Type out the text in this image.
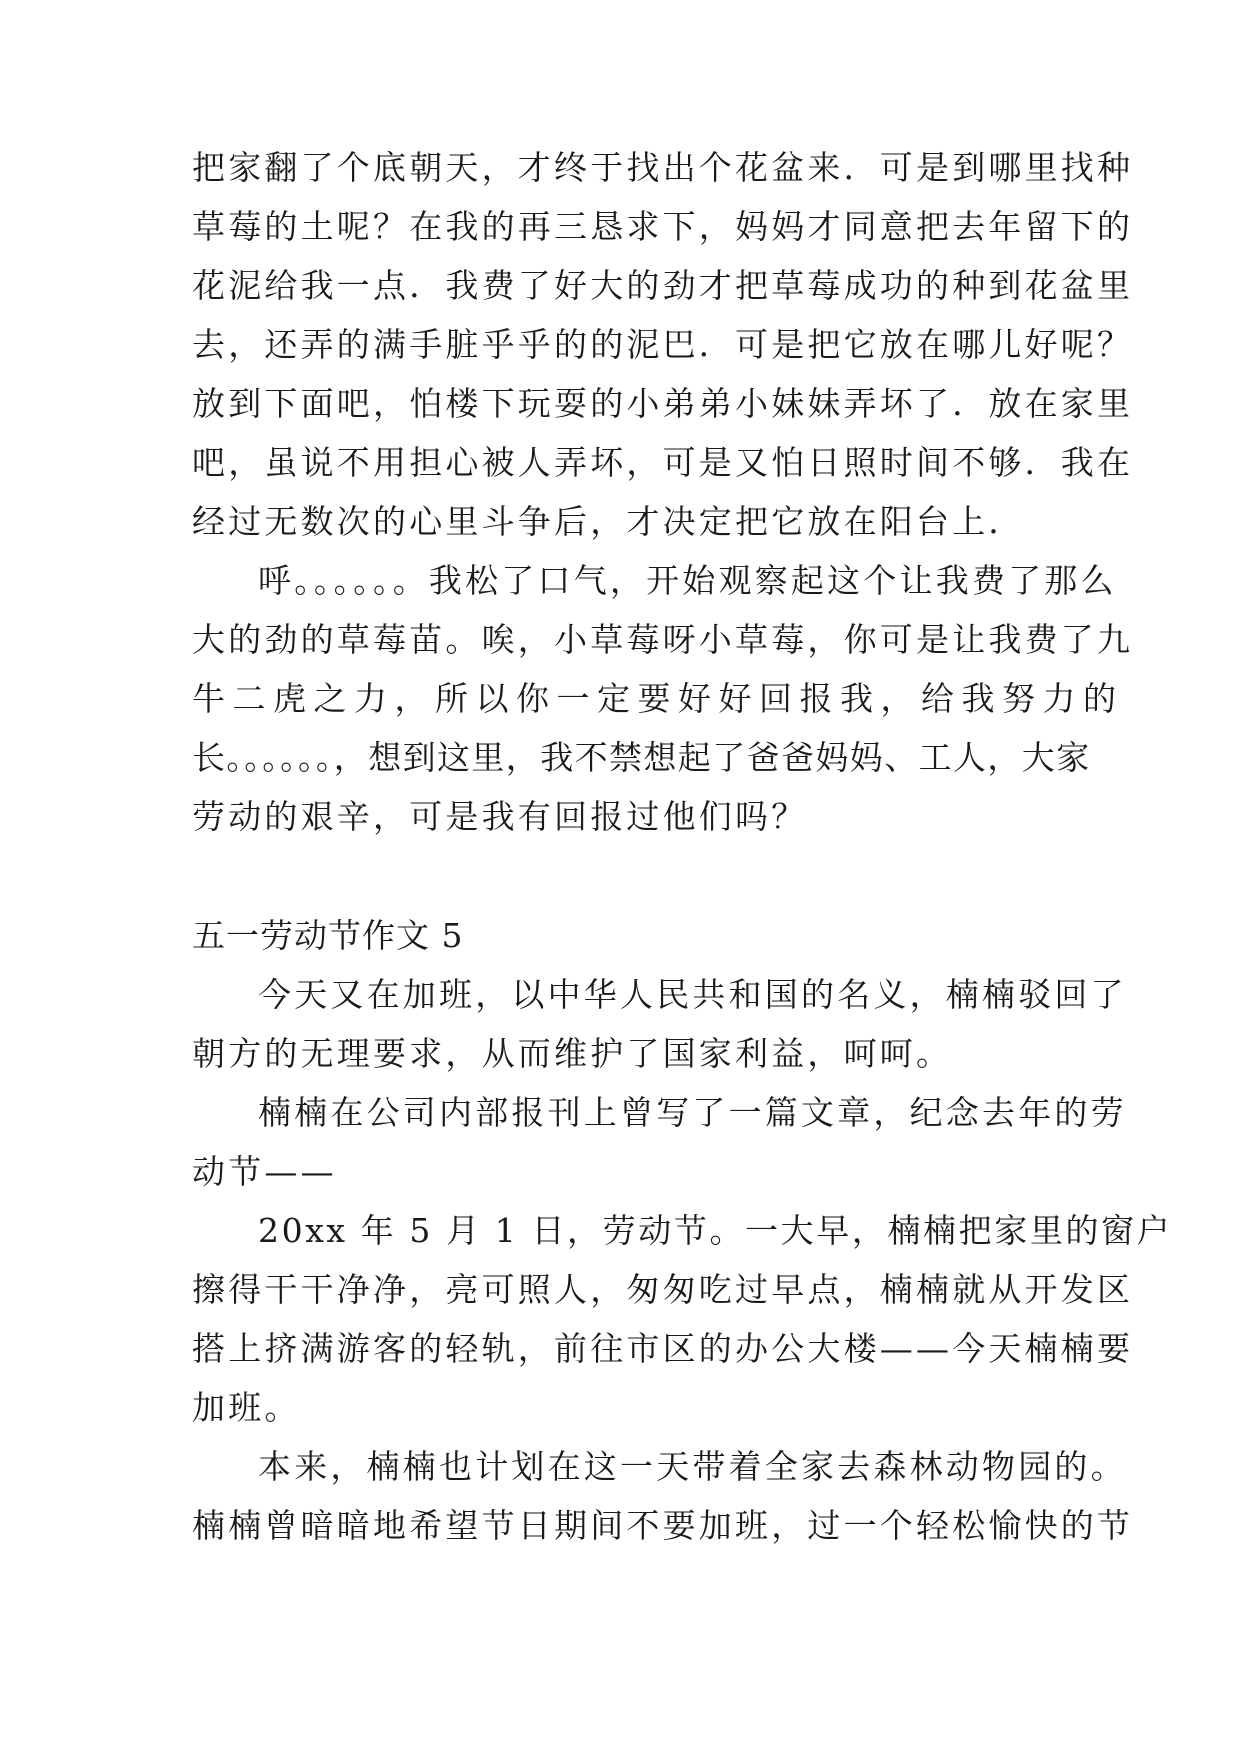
把家翻了个底朝天，才终于找出个花盆来．可是到哪里找种
草莓的土呢？在我的再三恳求下，妈妈才同意把去年留下的
花泥给我一点．我费了好大的劲才把草莓成功的种到花盆里
去，还弄的满手脏乎乎的的泥巴．可是把它放在哪儿好呢？
放到下面吧，怕楼下玩耍的小弟弟小妹妹弄坏了．放在家里
吧，虽说不用担心被人弄坏，可是又怕日照时间不够．我在
经过无数次的心里斗争后，才决定把它放在阳台上．
呼。。。。。。我松了口气，开始观察起这个让我费了那么
大的劲的草莓苗。唉，小草莓呀小草莓，你可是让我费了九
牛二虎之力，所以你一定要好好回报我，给我努力的
长。。。。。。，想到这里，我不禁想起了爸爸妈妈、工人，大家
劳动的艰辛，可是我有回报过他们吗？
五一劳动节作文 5
今天又在加班，以中华人民共和国的名义，楠楠驳回了
朝方的无理要求，从而维护了国家利益，呵呵。
楠楠在公司内部报刊上曾写了一篇文章，纪念去年的劳
动节——
20xx 年 5 月 1 日，劳动节。一大早，楠楠把家里的窗户
擦得干干净净，亮可照人，匆匆吃过早点，楠楠就从开发区
搭上挤满游客的轻轨，前往市区的办公大楼——今天楠楠要
加班。
本来，楠楠也计划在这一天带着全家去森林动物园的。
楠楠曾暗暗地希望节日期间不要加班，过一个轻松愉快的节
